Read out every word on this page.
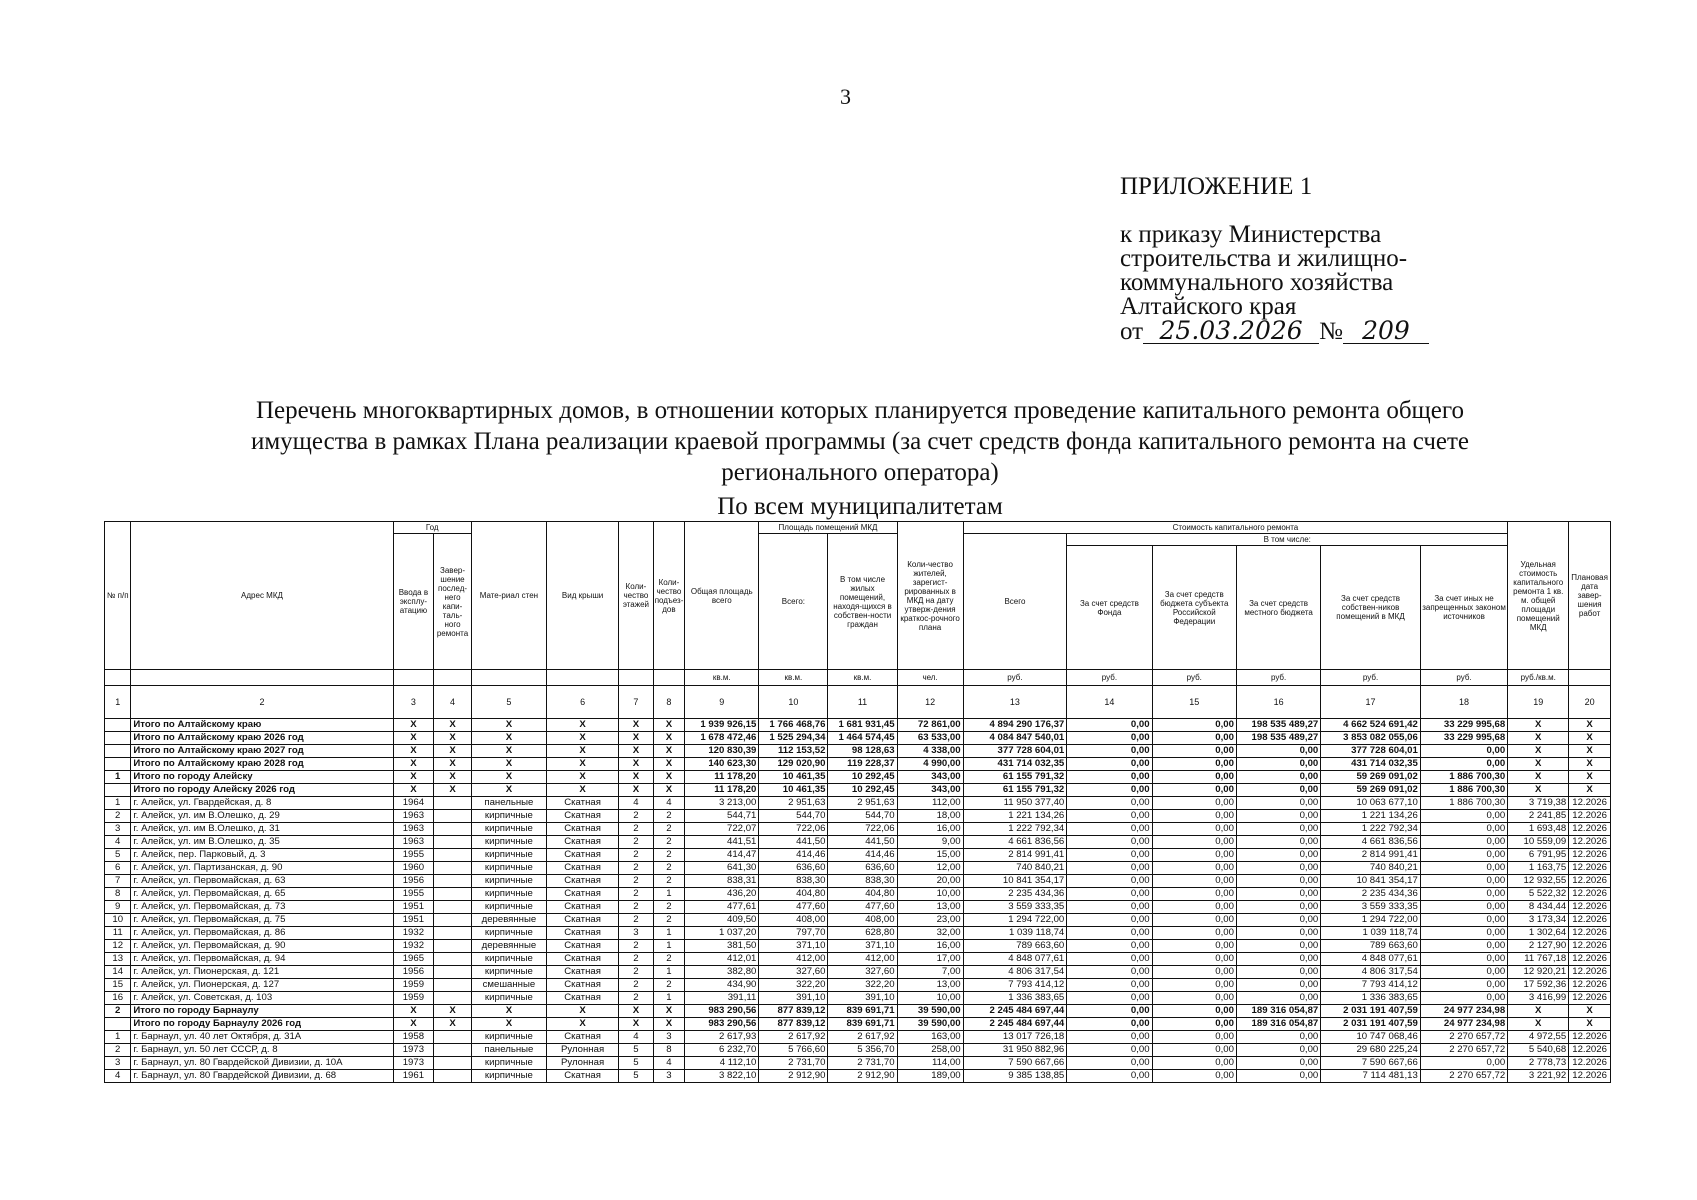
3
ПРИЛОЖЕНИЕ 1
к приказу Министерства
строительства и жилищно-
коммунального хозяйства
Алтайского края
от 25.03.2026 № 209
Перечень многоквартирных домов, в отношении которых планируется проведение капитального ремонта общего
имущества в рамках Плана реализации краевой программы (за счет средств фонда капитального ремонта на счете
регионального оператора)
По всем муниципалитетам
№ п/п	Адрес МКД	Год		Мате-риал стен	Вид крыши	Коли-чество этажей	Коли-чество подъез-дов	Общая площадь всего	Площадь помещений МКД		Коли-чество жителей, зарегист-рированных в МКД на дату утверж-дения краткос-рочного плана	Стоимость капитального ремонта						Удельная стоимость капитального ремонта 1 кв. м. общей площади помещений МКД	Плановая дата завер-шения работ
		Ввода в эксплу-атацию	Завер-шение послед-него капи-таль-ного ремонта						Всего:	В том числе жилых помещений, находя-щихся в собствен-ности граждан		Всего	В том числе:						
													За счет средств Фонда	За счет средств бюджета субъекта Российской Федерации	За счет средств местного бюджета	За счет средств собствен-ников помещений в МКД	За счет иных не запрещенных законом источников		
								кв.м.	кв.м.	кв.м.	чел.	руб.	руб.	руб.	руб.	руб.	руб.	руб./кв.м.	
1	2	3	4	5	6	7	8	9	10	11	12	13	14	15	16	17	18	19	20
	Итого по Алтайскому краю	X	X	X	X	X	X	1 939 926,15	1 766 468,76	1 681 931,45	72 861,00	4 894 290 176,37	0,00	0,00	198 535 489,27	4 662 524 691,42	33 229 995,68	X	X
	Итого по Алтайскому краю 2026 год	X	X	X	X	X	X	1 678 472,46	1 525 294,34	1 464 574,45	63 533,00	4 084 847 540,01	0,00	0,00	198 535 489,27	3 853 082 055,06	33 229 995,68	X	X
	Итого по Алтайскому краю 2027 год	X	X	X	X	X	X	120 830,39	112 153,52	98 128,63	4 338,00	377 728 604,01	0,00	0,00	0,00	377 728 604,01	0,00	X	X
	Итого по Алтайскому краю 2028 год	X	X	X	X	X	X	140 623,30	129 020,90	119 228,37	4 990,00	431 714 032,35	0,00	0,00	0,00	431 714 032,35	0,00	X	X
1	Итого по городу Алейску	X	X	X	X	X	X	11 178,20	10 461,35	10 292,45	343,00	61 155 791,32	0,00	0,00	0,00	59 269 091,02	1 886 700,30	X	X
	Итого по городу Алейску 2026 год	X	X	X	X	X	X	11 178,20	10 461,35	10 292,45	343,00	61 155 791,32	0,00	0,00	0,00	59 269 091,02	1 886 700,30	X	X
1	г. Алейск, ул. Гвардейская, д. 8	1964		панельные	Скатная	4	4	3 213,00	2 951,63	2 951,63	112,00	11 950 377,40	0,00	0,00	0,00	10 063 677,10	1 886 700,30	3 719,38	12.2026
2	г. Алейск, ул. им В.Олешко, д. 29	1963		кирпичные	Скатная	2	2	544,71	544,70	544,70	18,00	1 221 134,26	0,00	0,00	0,00	1 221 134,26	0,00	2 241,85	12.2026
3	г. Алейск, ул. им В.Олешко, д. 31	1963		кирпичные	Скатная	2	2	722,07	722,06	722,06	16,00	1 222 792,34	0,00	0,00	0,00	1 222 792,34	0,00	1 693,48	12.2026
4	г. Алейск, ул. им В.Олешко, д. 35	1963		кирпичные	Скатная	2	2	441,51	441,50	441,50	9,00	4 661 836,56	0,00	0,00	0,00	4 661 836,56	0,00	10 559,09	12.2026
5	г. Алейск, пер. Парковый, д. 3	1955		кирпичные	Скатная	2	2	414,47	414,46	414,46	15,00	2 814 991,41	0,00	0,00	0,00	2 814 991,41	0,00	6 791,95	12.2026
6	г. Алейск, ул. Партизанская, д. 90	1960		кирпичные	Скатная	2	2	641,30	636,60	636,60	12,00	740 840,21	0,00	0,00	0,00	740 840,21	0,00	1 163,75	12.2026
7	г. Алейск, ул. Первомайская, д. 63	1956		кирпичные	Скатная	2	2	838,31	838,30	838,30	20,00	10 841 354,17	0,00	0,00	0,00	10 841 354,17	0,00	12 932,55	12.2026
8	г. Алейск, ул. Первомайская, д. 65	1955		кирпичные	Скатная	2	1	436,20	404,80	404,80	10,00	2 235 434,36	0,00	0,00	0,00	2 235 434,36	0,00	5 522,32	12.2026
9	г. Алейск, ул. Первомайская, д. 73	1951		кирпичные	Скатная	2	2	477,61	477,60	477,60	13,00	3 559 333,35	0,00	0,00	0,00	3 559 333,35	0,00	8 434,44	12.2026
10	г. Алейск, ул. Первомайская, д. 75	1951		деревянные	Скатная	2	2	409,50	408,00	408,00	23,00	1 294 722,00	0,00	0,00	0,00	1 294 722,00	0,00	3 173,34	12.2026
11	г. Алейск, ул. Первомайская, д. 86	1932		кирпичные	Скатная	3	1	1 037,20	797,70	628,80	32,00	1 039 118,74	0,00	0,00	0,00	1 039 118,74	0,00	1 302,64	12.2026
12	г. Алейск, ул. Первомайская, д. 90	1932		деревянные	Скатная	2	1	381,50	371,10	371,10	16,00	789 663,60	0,00	0,00	0,00	789 663,60	0,00	2 127,90	12.2026
13	г. Алейск, ул. Первомайская, д. 94	1965		кирпичные	Скатная	2	2	412,01	412,00	412,00	17,00	4 848 077,61	0,00	0,00	0,00	4 848 077,61	0,00	11 767,18	12.2026
14	г. Алейск, ул. Пионерская, д. 121	1956		кирпичные	Скатная	2	1	382,80	327,60	327,60	7,00	4 806 317,54	0,00	0,00	0,00	4 806 317,54	0,00	12 920,21	12.2026
15	г. Алейск, ул. Пионерская, д. 127	1959		смешанные	Скатная	2	2	434,90	322,20	322,20	13,00	7 793 414,12	0,00	0,00	0,00	7 793 414,12	0,00	17 592,36	12.2026
16	г. Алейск, ул. Советская, д. 103	1959		кирпичные	Скатная	2	1	391,11	391,10	391,10	10,00	1 336 383,65	0,00	0,00	0,00	1 336 383,65	0,00	3 416,99	12.2026
2	Итого по городу Барнаулу	X	X	X	X	X	X	983 290,56	877 839,12	839 691,71	39 590,00	2 245 484 697,44	0,00	0,00	189 316 054,87	2 031 191 407,59	24 977 234,98	X	X
	Итого по городу Барнаулу 2026 год	X	X	X	X	X	X	983 290,56	877 839,12	839 691,71	39 590,00	2 245 484 697,44	0,00	0,00	189 316 054,87	2 031 191 407,59	24 977 234,98	X	X
1	г. Барнаул, ул. 40 лет Октября, д. 31А	1958		кирпичные	Скатная	4	3	2 617,93	2 617,92	2 617,92	163,00	13 017 726,18	0,00	0,00	0,00	10 747 068,46	2 270 657,72	4 972,55	12.2026
2	г. Барнаул, ул. 50 лет СССР, д. 8	1973		панельные	Рулонная	5	8	6 232,70	5 766,60	5 356,70	258,00	31 950 882,96	0,00	0,00	0,00	29 680 225,24	2 270 657,72	5 540,68	12.2026
3	г. Барнаул, ул. 80 Гвардейской Дивизии, д. 10А	1973		кирпичные	Рулонная	5	4	4 112,10	2 731,70	2 731,70	114,00	7 590 667,66	0,00	0,00	0,00	7 590 667,66	0,00	2 778,73	12.2026
4	г. Барнаул, ул. 80 Гвардейской Дивизии, д. 68	1961		кирпичные	Скатная	5	3	3 822,10	2 912,90	2 912,90	189,00	9 385 138,85	0,00	0,00	0,00	7 114 481,13	2 270 657,72	3 221,92	12.2026
